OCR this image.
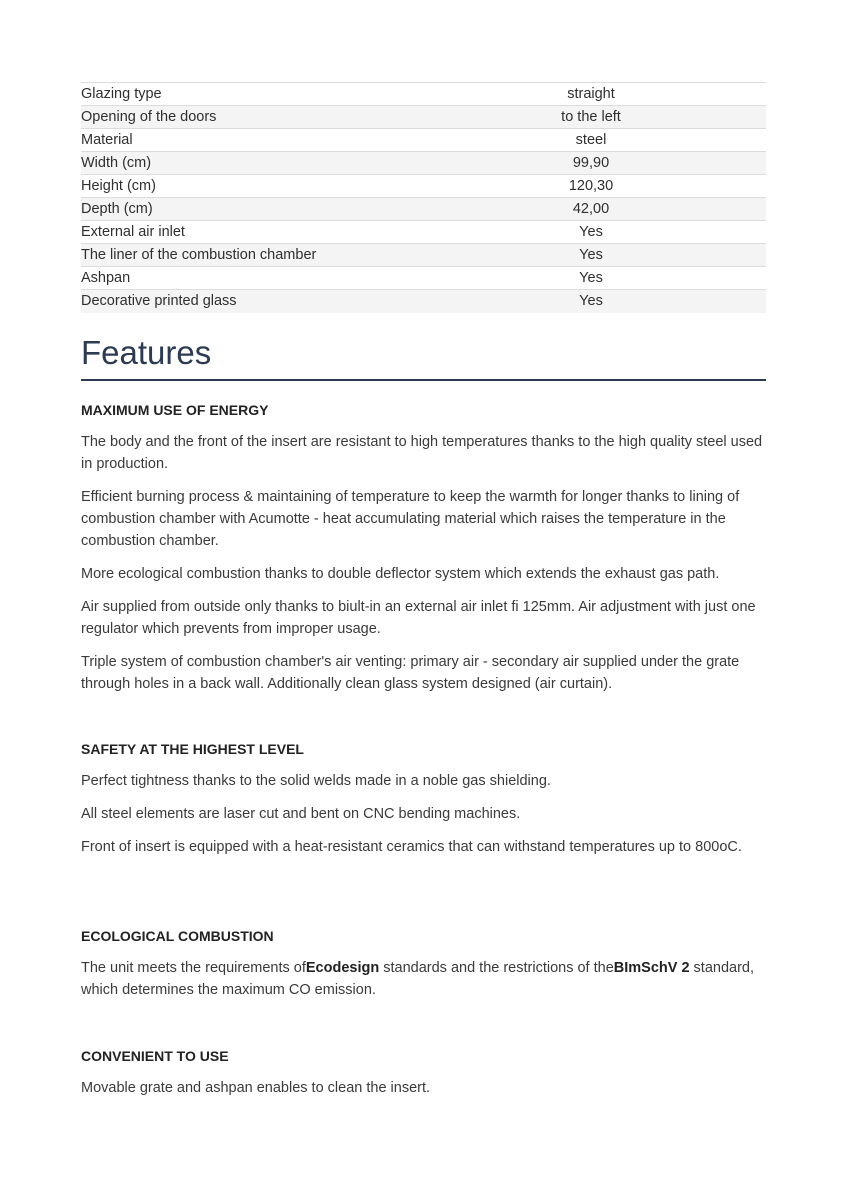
Glazing type	straight	
Opening of the doors	to the left	
Material	steel	
Width (cm)	99,90	
Height (cm)	120,30	
Depth (cm)	42,00	
External air inlet	Yes	
The liner of the combustion chamber	Yes	
Ashpan	Yes	
Decorative printed glass	Yes	
Features
MAXIMUM USE OF ENERGY

The body and the front of the insert are resistant to high temperatures thanks to the high quality steel used in production.

Efficient burning process & maintaining of temperature to keep the warmth for longer thanks to lining of combustion chamber with Acumotte - heat accumulating material which raises the temperature in the combustion chamber.

More ecological combustion thanks to double deflector system which extends the exhaust gas path.

Air supplied from outside only thanks to biult-in an external air inlet fi 125mm. Air adjustment with just one regulator which prevents from improper usage.

Triple system of combustion chamber's air venting: primary air - secondary air supplied under the grate through holes in a back wall. Additionally clean glass system designed (air curtain).

SAFETY AT THE HIGHEST LEVEL

Perfect tightness thanks to the solid welds made in a noble gas shielding.

All steel elements are laser cut and bent on CNC bending machines.

Front of insert is equipped with a heat-resistant ceramics that can withstand temperatures up to 800oC.

ECOLOGICAL COMBUSTION

The unit meets the requirements ofEcodesign standards and the restrictions of theBImSchV 2 standard, which determines the maximum CO emission.

CONVENIENT TO USE

Movable grate and ashpan enables to clean the insert.
